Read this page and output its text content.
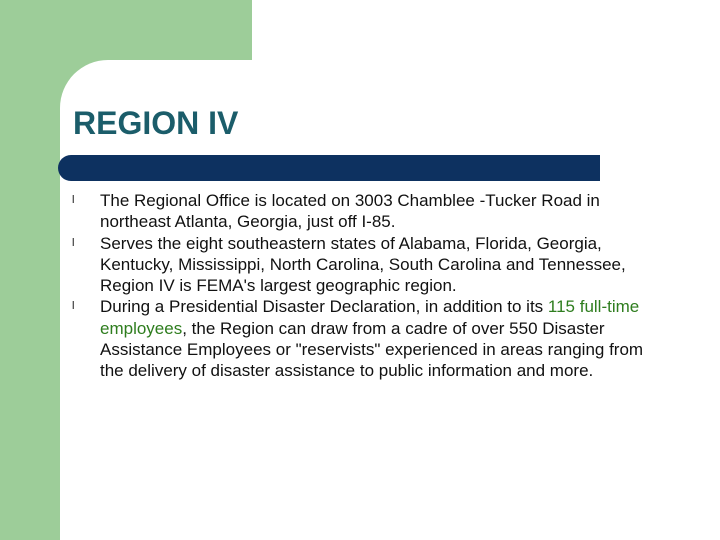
REGION IV
l The Regional Office is located on 3003 Chamblee -Tucker Road in northeast Atlanta, Georgia, just off I-85.
l Serves the eight southeastern states of Alabama, Florida, Georgia, Kentucky, Mississippi, North Carolina, South Carolina and Tennessee, Region IV is FEMA's largest geographic region.
l During a Presidential Disaster Declaration, in addition to its 115 full-time employees, the Region can draw from a cadre of over 550 Disaster Assistance Employees or "reservists" experienced in areas ranging from the delivery of disaster assistance to public information and more.
